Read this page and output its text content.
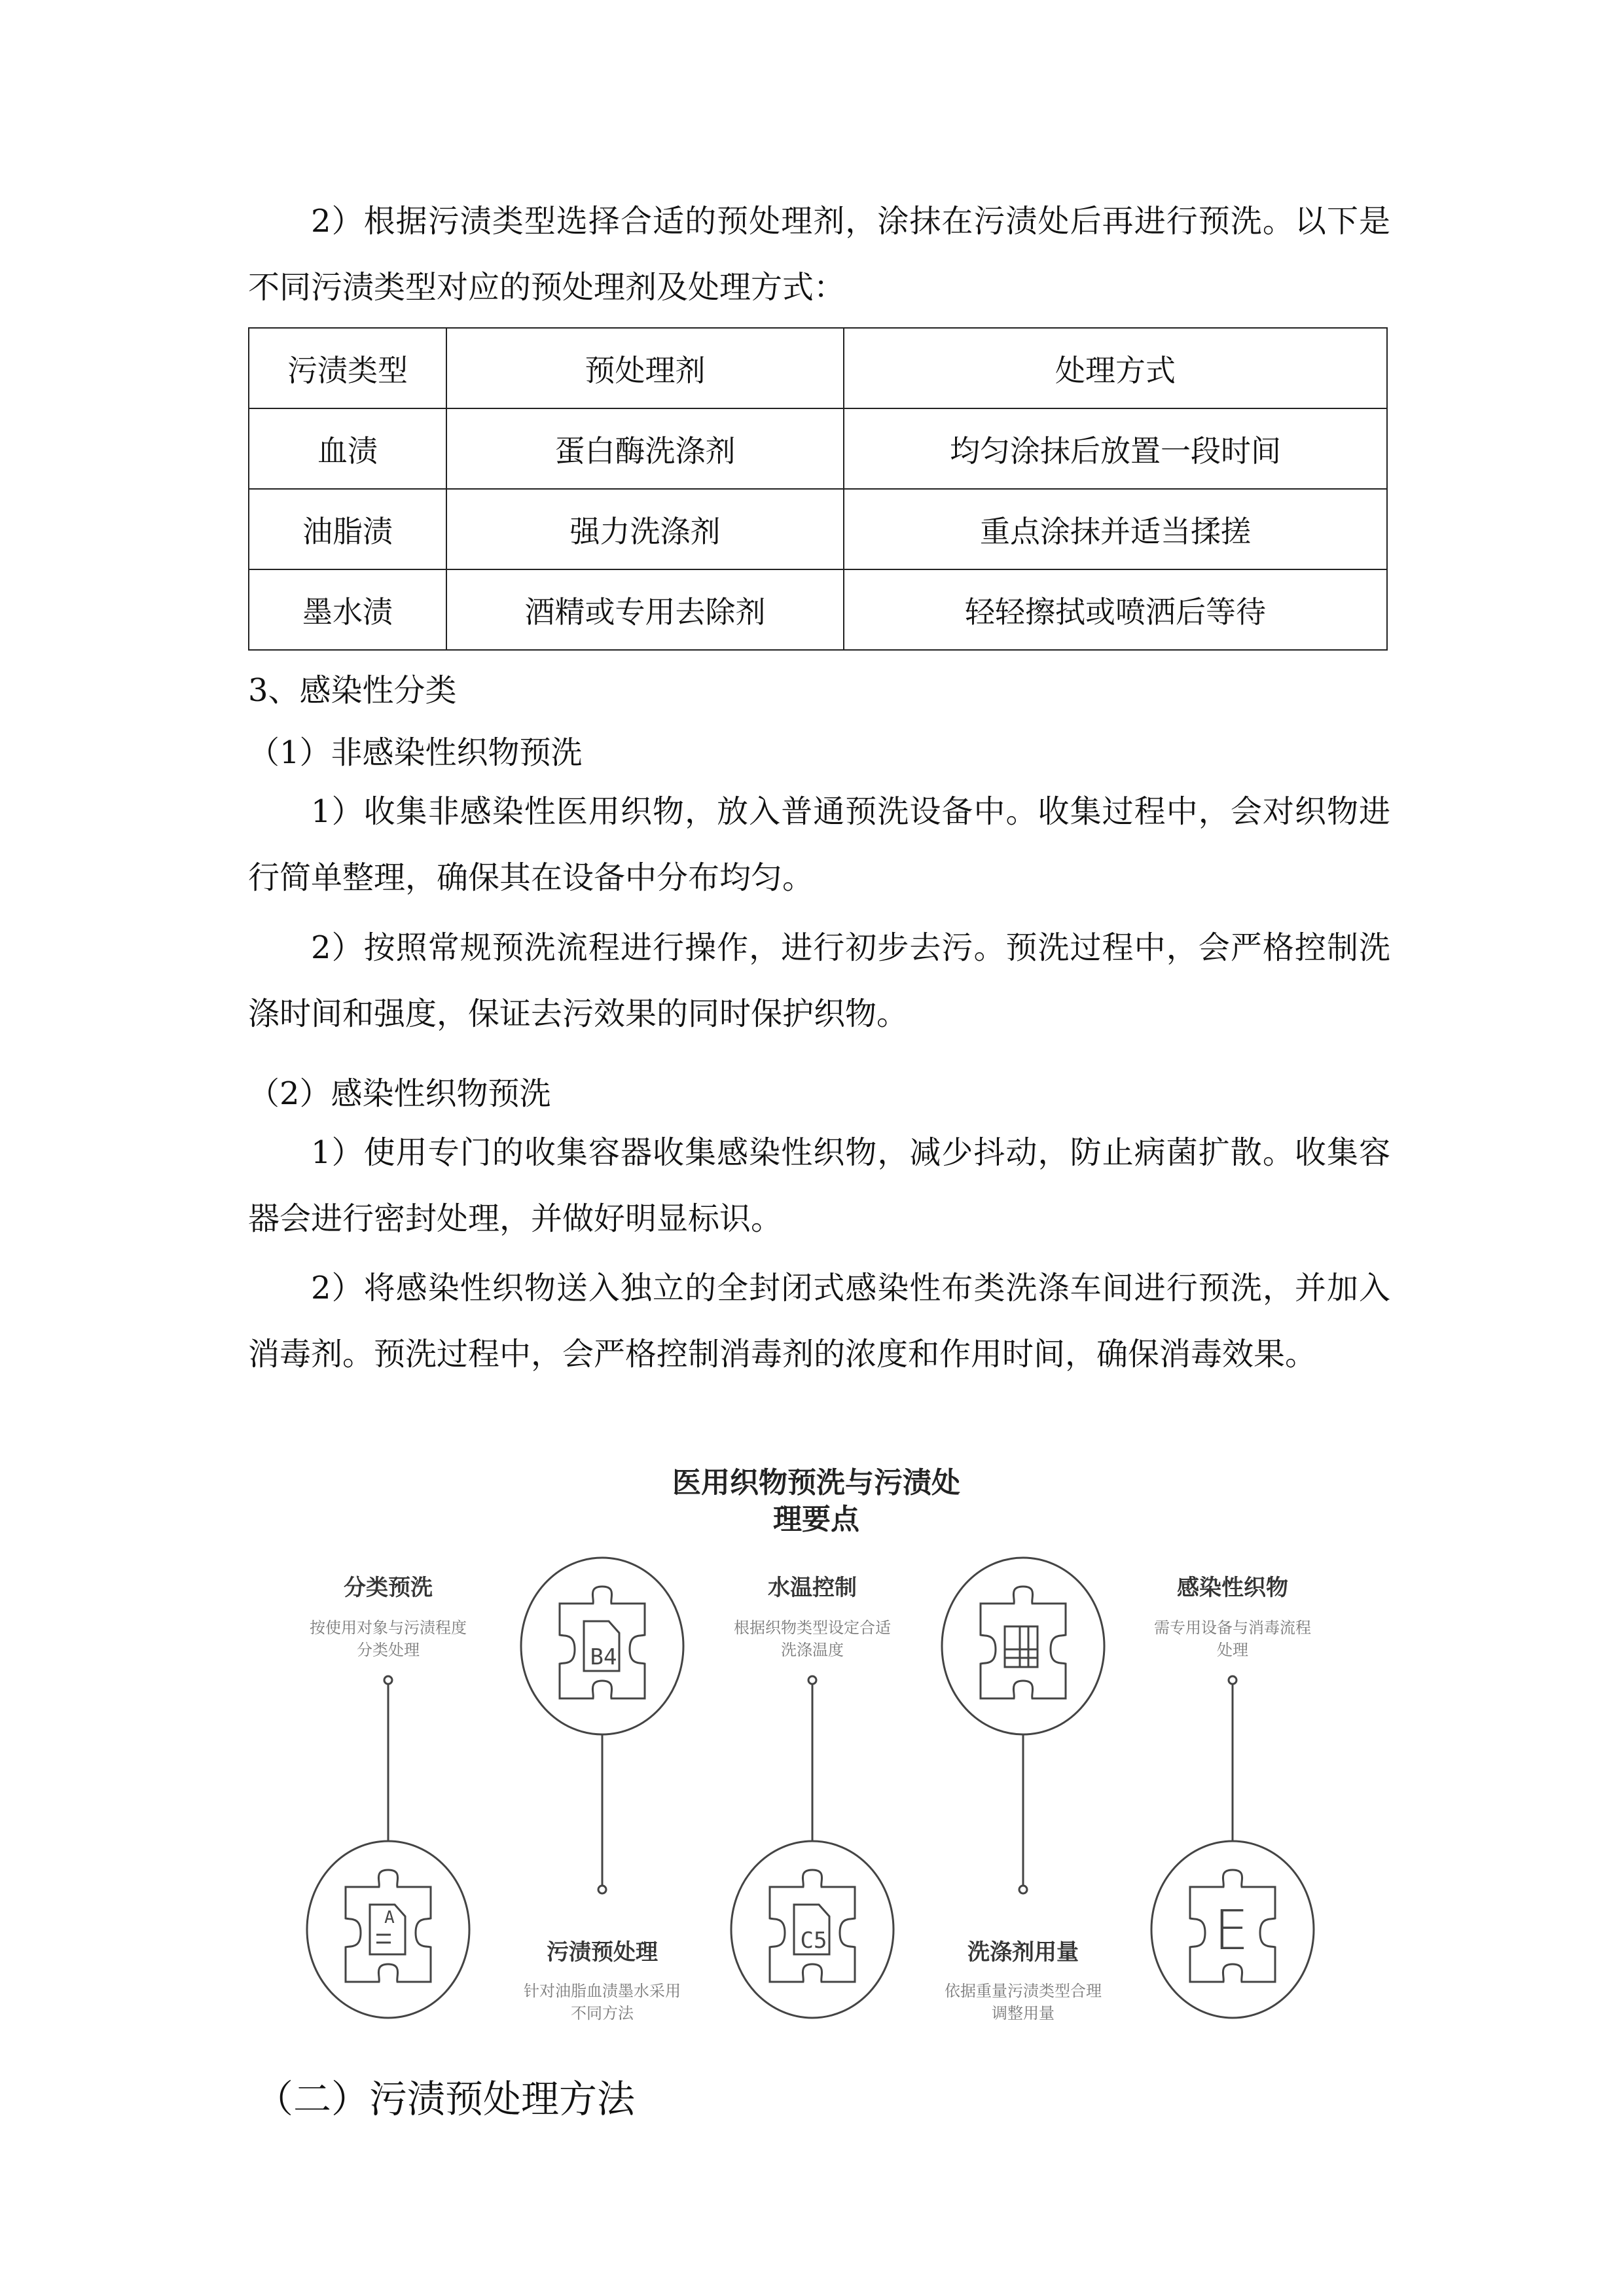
2）根据污渍类型选择合适的预处理剂，涂抹在污渍处后再进行预洗。以下是不同污渍类型对应的预处理剂及处理方式：
污渍类型	预处理剂	处理方式
血渍	蛋白酶洗涤剂	均匀涂抹后放置一段时间
油脂渍	强力洗涤剂	重点涂抹并适当揉搓
墨水渍	酒精或专用去除剂	轻轻擦拭或喷洒后等待
3、感染性分类
（1）非感染性织物预洗
1）收集非感染性医用织物，放入普通预洗设备中。收集过程中，会对织物进行简单整理，确保其在设备中分布均匀。
2）按照常规预洗流程进行操作，进行初步去污。预洗过程中，会严格控制洗涤时间和强度，保证去污效果的同时保护织物。
（2）感染性织物预洗
1）使用专门的收集容器收集感染性织物，减少抖动，防止病菌扩散。收集容器会进行密封处理，并做好明显标识。
2）将感染性织物送入独立的全封闭式感染性布类洗涤车间进行预洗，并加入消毒剂。预洗过程中，会严格控制消毒剂的浓度和作用时间，确保消毒效果。
A
B4
C5	E
医用织物预洗与污渍处
理要点
分类预洗
按使用对象与污渍程度
分类处理
水温控制
根据织物类型设定合适
洗涤温度
感染性织物
需专用设备与消毒流程
处理
污渍预处理
针对油脂血渍墨水采用
不同方法
洗涤剂用量
依据重量污渍类型合理
调整用量
（二）污渍预处理方法
